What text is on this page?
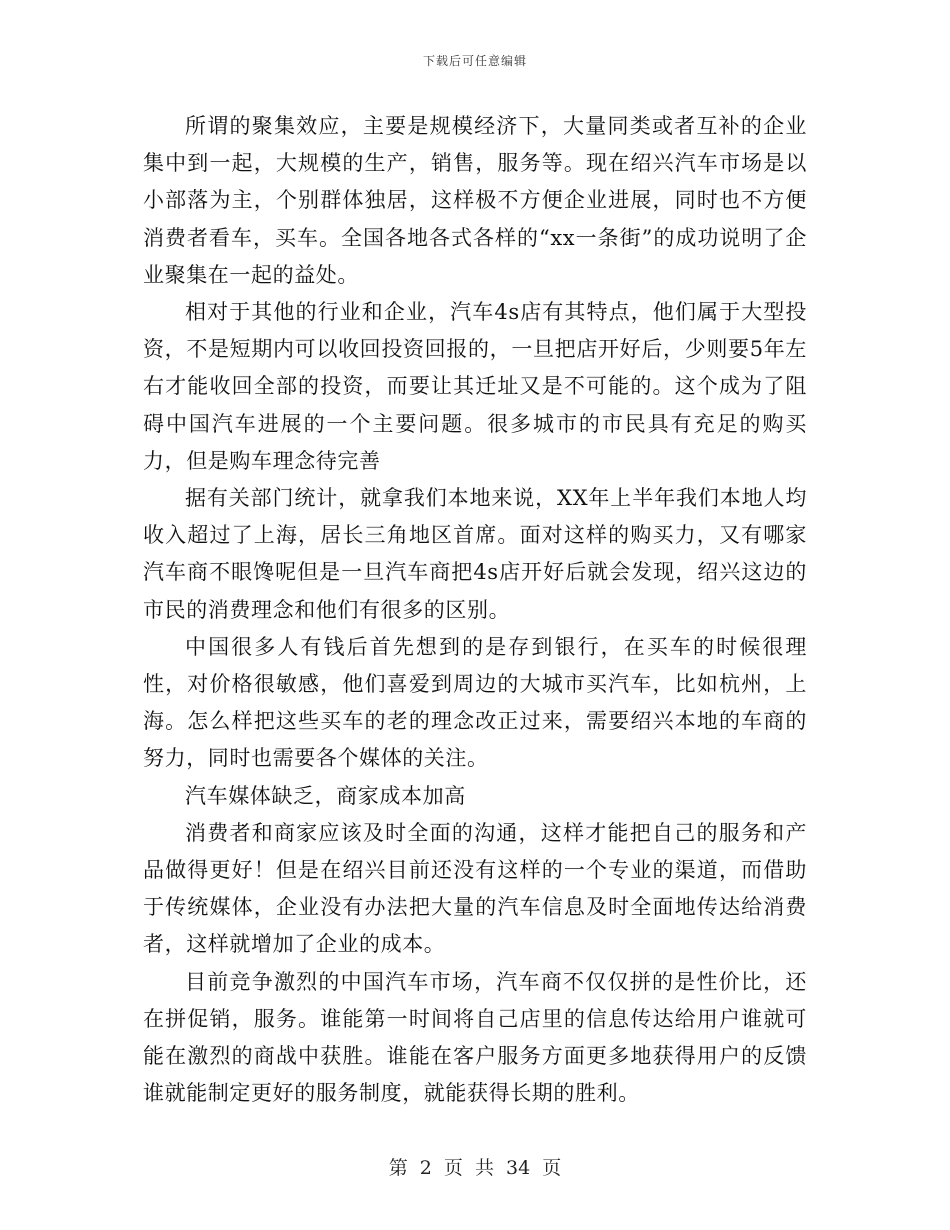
下载后可任意编辑

所谓的聚集效应，主要是规模经济下，大量同类或者互补的企业集中到一起，大规模的生产，销售，服务等。现在绍兴汽车市场是以小部落为主，个别群体独居，这样极不方便企业进展，同时也不方便消费者看车，买车。全国各地各式各样的“xx一条街”的成功说明了企业聚集在一起的益处。

相对于其他的行业和企业，汽车4s店有其特点，他们属于大型投资，不是短期内可以收回投资回报的，一旦把店开好后，少则要5年左右才能收回全部的投资，而要让其迁址又是不可能的。这个成为了阻碍中国汽车进展的一个主要问题。很多城市的市民具有充足的购买力，但是购车理念待完善

据有关部门统计，就拿我们本地来说，XX年上半年我们本地人均收入超过了上海，居长三角地区首席。面对这样的购买力，又有哪家汽车商不眼馋呢但是一旦汽车商把4s店开好后就会发现，绍兴这边的市民的消费理念和他们有很多的区别。

中国很多人有钱后首先想到的是存到银行，在买车的时候很理性，对价格很敏感，他们喜爱到周边的大城市买汽车，比如杭州，上海。怎么样把这些买车的老的理念改正过来，需要绍兴本地的车商的努力，同时也需要各个媒体的关注。

汽车媒体缺乏，商家成本加高

消费者和商家应该及时全面的沟通，这样才能把自己的服务和产品做得更好！但是在绍兴目前还没有这样的一个专业的渠道，而借助于传统媒体，企业没有办法把大量的汽车信息及时全面地传达给消费者，这样就增加了企业的成本。

目前竞争激烈的中国汽车市场，汽车商不仅仅拼的是性价比，还在拼促销，服务。谁能第一时间将自己店里的信息传达给用户谁就可能在激烈的商战中获胜。谁能在客户服务方面更多地获得用户的反馈谁就能制定更好的服务制度，就能获得长期的胜利。

第 2 页 共 34 页
